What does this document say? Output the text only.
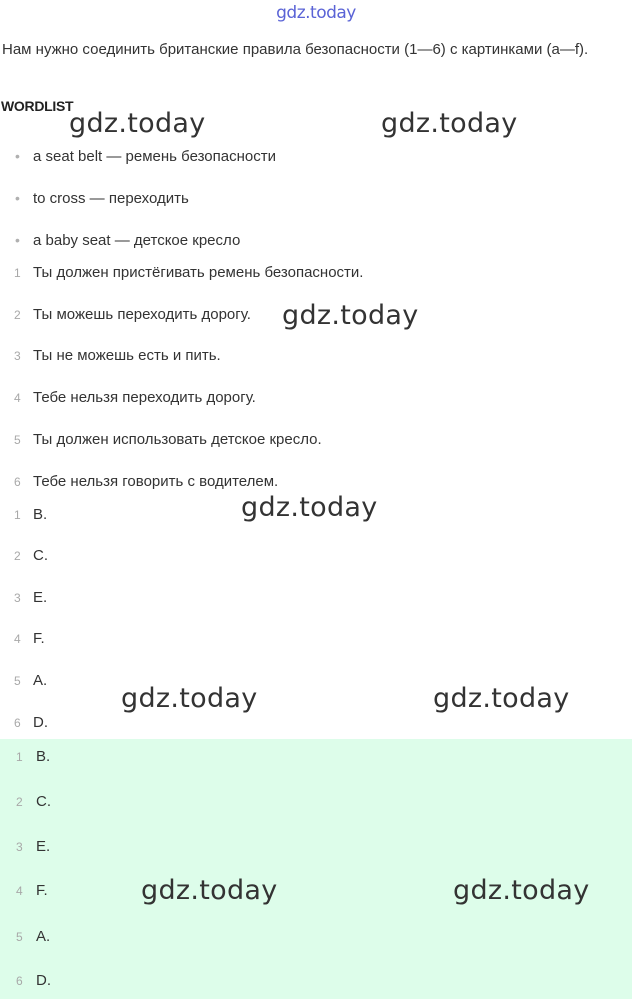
gdz.today
Нам нужно соединить британские правила безопасности (1—6) с картинками (a—f).
WORDLIST
• a seat belt — ремень безопасности
• to cross — переходить
• a baby seat — детское кресло
1 Ты должен пристёгивать ремень безопасности.
2 Ты можешь переходить дорогу.
3 Ты не можешь есть и пить.
4 Тебе нельзя переходить дорогу.
5 Ты должен использовать детское кресло.
6 Тебе нельзя говорить с водителем.
1 B.
2 C.
3 E.
4 F.
5 A.
6 D.
1 B.
2 C.
3 E.
4 F.
5 A.
6 D.
gdz.today	gdz.today
gdz.today
gdz.today
gdz.today	gdz.today
gdz.today	gdz.today
